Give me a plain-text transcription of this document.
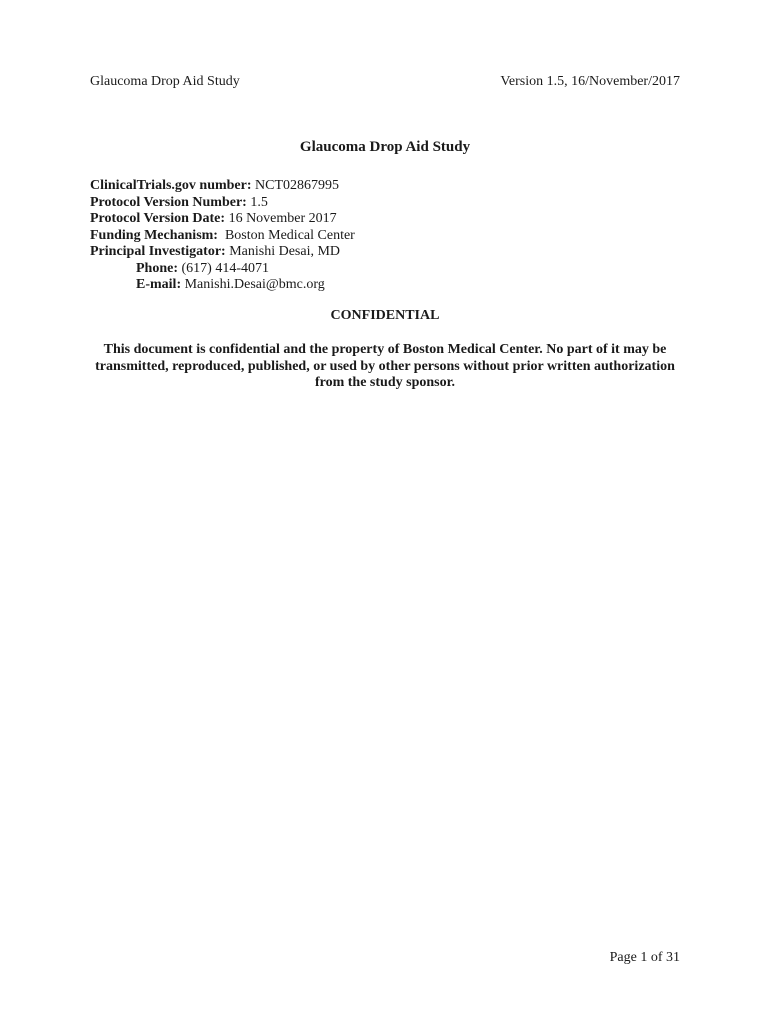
Glaucoma Drop Aid Study	Version 1.5, 16/November/2017
Glaucoma Drop Aid Study
ClinicalTrials.gov number: NCT02867995
Protocol Version Number: 1.5
Protocol Version Date: 16 November 2017
Funding Mechanism:  Boston Medical Center
Principal Investigator: Manishi Desai, MD
Phone: (617) 414-4071
E-mail: Manishi.Desai@bmc.org
CONFIDENTIAL
This document is confidential and the property of Boston Medical Center. No part of it may be transmitted, reproduced, published, or used by other persons without prior written authorization from the study sponsor.
Page 1 of 31
